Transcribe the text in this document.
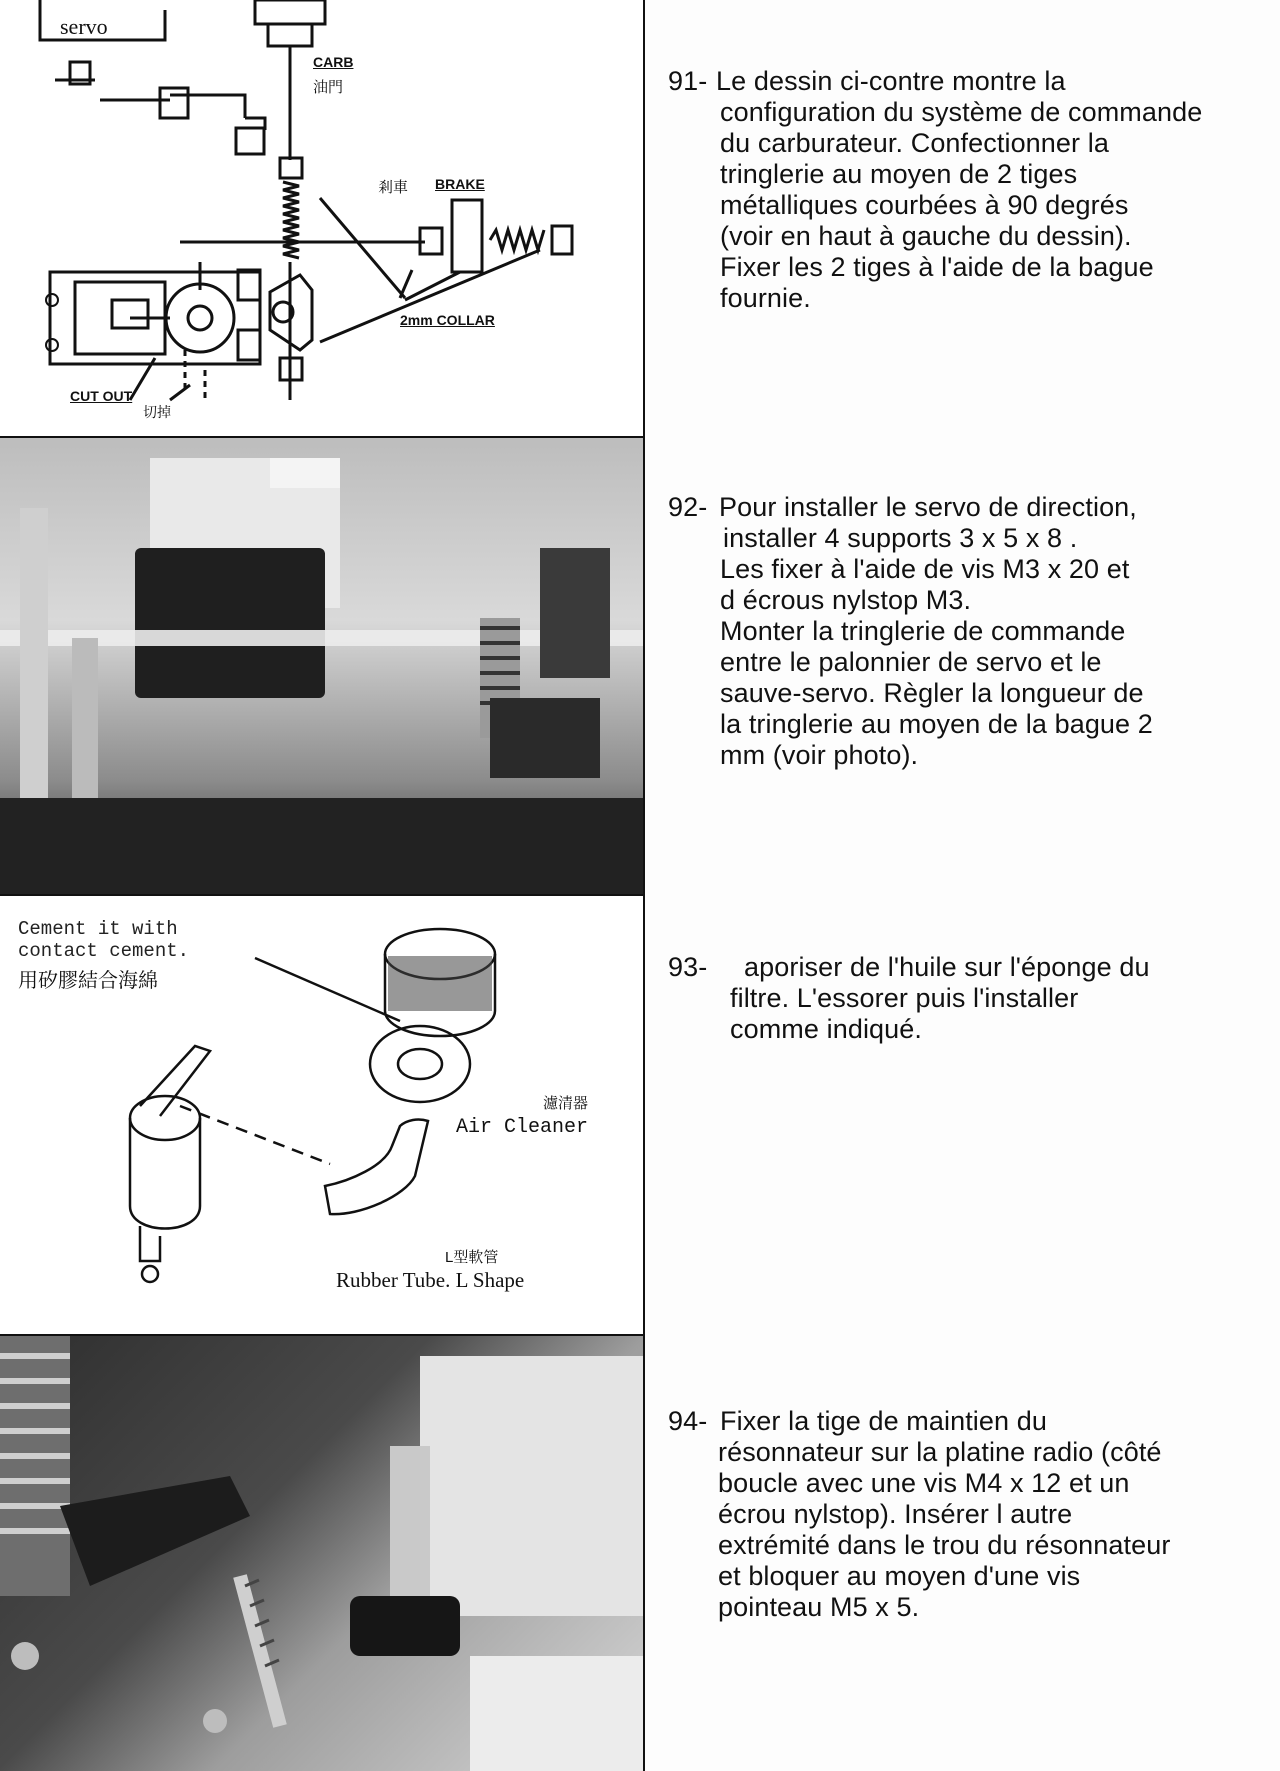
servo
CARB
油門
剎車 BRAKE
2mm COLLAR
CUT OUT
切掉
Cement it with
contact cement.
用矽膠結合海綿
濾清器
Air Cleaner
L型軟管
Rubber Tube. L Shape
91- Le dessin ci-contre montre la
configuration du système de commande
du carburateur. Confectionner la
tringlerie au moyen de 2 tiges
métalliques courbées à 90 degrés
(voir en haut à gauche du dessin).
Fixer les 2 tiges à l'aide de la bague
fournie.
92- Pour installer le servo de direction,
installer 4 supports 3 x 5 x 8 .
Les fixer à l'aide de vis M3 x 20 et
d écrous nylstop M3.
Monter la tringlerie de commande
entre le palonnier de servo et le
sauve-servo. Règler la longueur de
la tringlerie au moyen de la bague 2
mm (voir photo).
93- aporiser de l'huile sur l'éponge du
filtre. L'essorer puis l'installer
comme indiqué.
94- Fixer la tige de maintien du
résonnateur sur la platine radio (côté
boucle avec une vis M4 x 12 et un
écrou nylstop). Insérer l autre
extrémité dans le trou du résonnateur
et bloquer au moyen d'une vis
pointeau M5 x 5.
